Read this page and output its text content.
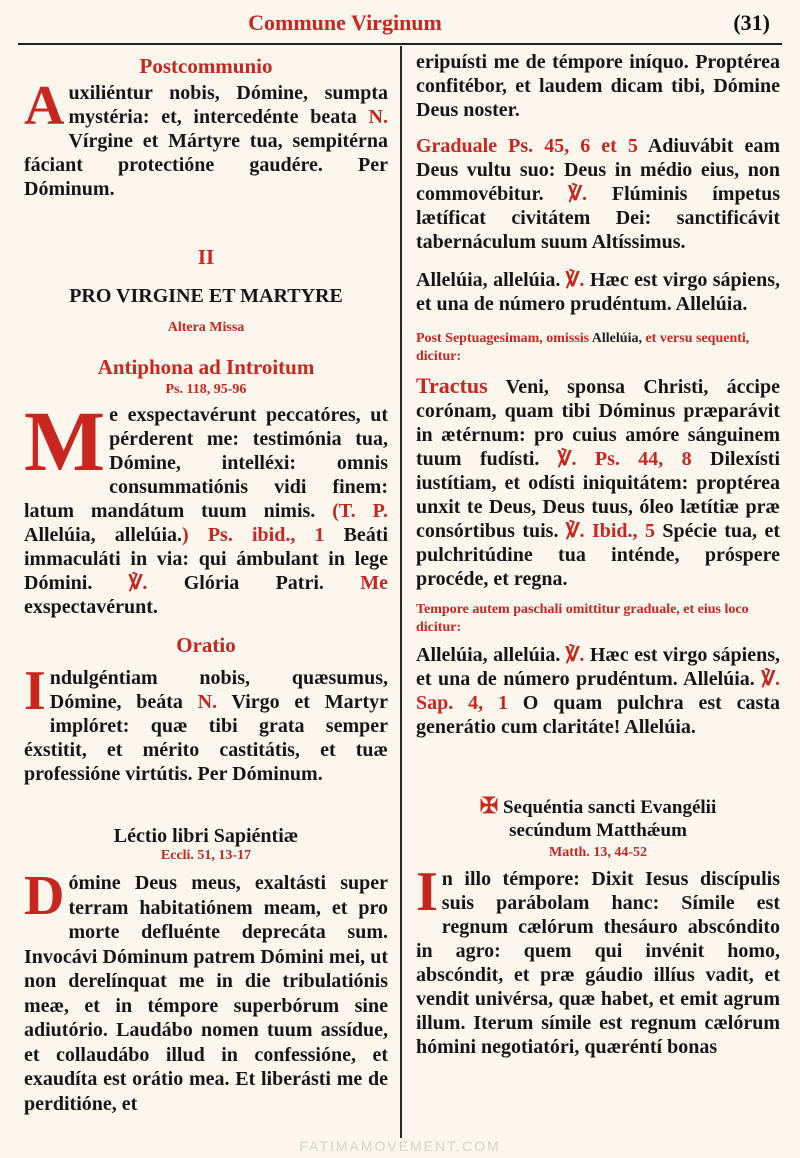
Commune Virginum	(31)
Postcommunio

Auxiliéntur nobis, Dómine, sumpta mystéria: et, intercedénte beata N. Vírgine et Mártyre tua, sempitérna fáciant protectióne gaudére. Per Dóminum.

II
PRO VIRGINE ET MARTYRE
Altera Missa
Antiphona ad Introitum
Ps. 118, 95-96

Me exspectavérunt peccatóres, ut pérderent me: testimónia tua, Dómine, intelléxi: omnis consummatiónis vidi finem: latum mandátum tuum nimis. (T. P. Allelúia, allelúia.) Ps. ibid., 1 Beáti immaculáti in via: qui ámbulant in lege Dómini. ℣. Glória Patri. Me exspectavérunt.

Oratio

Indulgéntiam nobis, quæsumus, Dómine, beáta N. Virgo et Martyr implóret: quæ tibi grata semper éxstitit, et mérito castitátis, et tuæ professióne virtútis. Per Dóminum.

Léctio libri Sapiéntiæ
Eccli. 51, 13-17

Dómine Deus meus, exaltásti super terram habitatiónem meam, et pro morte defluénte deprecáta sum. Invocávi Dóminum patrem Dómini mei, ut non derelínquat me in die tribulatiónis meæ, et in témpore superbórum sine adiutório. Laudábo nomen tuum assídue, et collaudábo illud in confessióne, et exaudíta est orátio mea. Et liberásti me de perditióne, et

eripuísti me de témpore iníquo. Proptérea confitébor, et laudem dicam tibi, Dómine Deus noster.

Graduale Ps. 45, 6 et 5 Adiuvábit eam Deus vultu suo: Deus in médio eius, non commovébitur. ℣. Flúminis ímpetus lætíficat civitátem Dei: sanctificávit tabernáculum suum Altíssimus.

Allelúia, allelúia. ℣. Hæc est virgo sápiens, et una de número prudéntum. Allelúia.

Post Septuagesimam, omissis Allelúia, et versu sequenti, dicitur:

Tractus Veni, sponsa Christi, áccipe corónam, quam tibi Dóminus præparávit in ætérnum: pro cuius amóre sánguinem tuum fudísti. ℣. Ps. 44, 8 Dilexísti iustítiam, et odísti iniquitátem: proptérea unxit te Deus, Deus tuus, óleo lætítiæ præ consórtibus tuis. ℣. Ibid., 5 Spécie tua, et pulchritúdine tua inténde, próspere procéde, et regna.

Tempore autem paschali omittitur graduale, et eius loco dicitur:

Allelúia, allelúia. ℣. Hæc est virgo sápiens, et una de número prudéntum. Allelúia. ℣. Sap. 4, 1 O quam pulchra est casta generátio cum claritáte! Allelúia.

✠ Sequéntia sancti Evangélii
secúndum Matthǽum
Matth. 13, 44-52

In illo témpore: Dixit Iesus discípulis suis parábolam hanc: Símile est regnum cælórum thesáuro abscóndito in agro: quem qui invénit homo, abscóndit, et præ gáudio illíus vadit, et vendit univérsa, quæ habet, et emit agrum illum. Iterum símile est regnum cælórum hómini negotiatóri, quæréntí bonas

FATIMAMOVEMENT.COM
